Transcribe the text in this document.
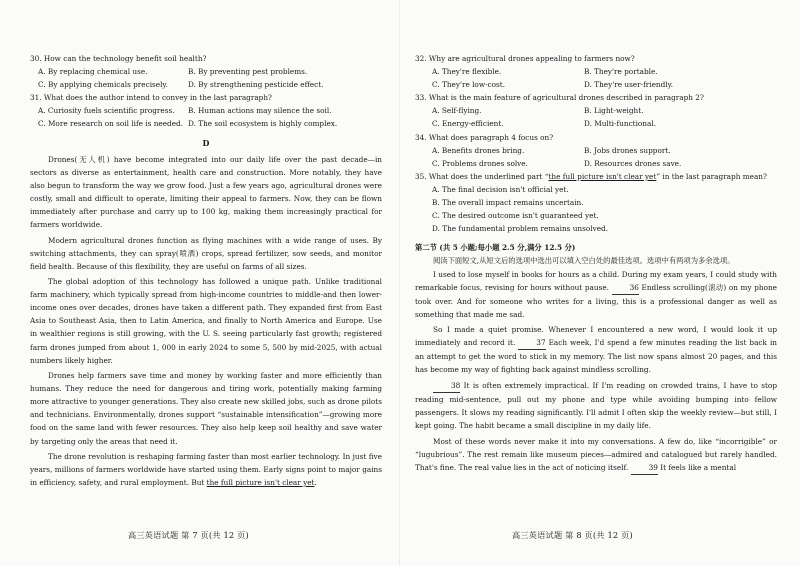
30. How can the technology benefit soil health?
A. By replacing chemical use.	B. By preventing pest problems.
C. By applying chemicals precisely.	D. By strengthening pesticide effect.
31. What does the author intend to convey in the last paragraph?
A. Curiosity fuels scientific progress.	B. Human actions may silence the soil.
C. More research on soil life is needed. D. The soil ecosystem is highly complex.
D

Drones(无人机) have become integrated into our daily life over the past decade—in sectors as diverse as entertainment, health care and construction. More notably, they have also begun to transform the way we grow food. Just a few years ago, agricultural drones were costly, small and difficult to operate, limiting their appeal to farmers. Now, they can be flown immediately after purchase and carry up to 100 kg, making them increasingly practical for farmers worldwide.

Modern agricultural drones function as flying machines with a wide range of uses. By switching attachments, they can spray(喷洒) crops, spread fertilizer, sow seeds, and monitor field health. Because of this flexibility, they are useful on farms of all sizes.

The global adoption of this technology has followed a unique path. Unlike traditional farm machinery, which typically spread from high-income countries to middle-and then lower-income ones over decades, drones have taken a different path. They expanded first from East Asia to Southeast Asia, then to Latin America, and finally to North America and Europe. Use in wealthier regions is still growing, with the U. S. seeing particularly fast growth; registered farm drones jumped from about 1, 000 in early 2024 to some 5, 500 by mid-2025, with actual numbers likely higher.

Drones help farmers save time and money by working faster and more efficiently than humans. They reduce the need for dangerous and tiring work, potentially making farming more attractive to younger generations. They also create new skilled jobs, such as drone pilots and technicians. Environmentally, drones support “sustainable intensification”—growing more food on the same land with fewer resources. They also help keep soil healthy and save water by targeting only the areas that need it.

The drone revolution is reshaping farming faster than most earlier technology. In just five years, millions of farmers worldwide have started using them. Early signs point to major gains in efficiency, safety, and rural employment. But the full picture isn't clear yet.

高三英语试题 第 7 页(共 12 页)
32. Why are agricultural drones appealing to farmers now?
A. They're flexible.	B. They're portable.
C. They're low-cost.	D. They're user-friendly.
33. What is the main feature of agricultural drones described in paragraph 2?
A. Self-flying.	B. Light-weight.
C. Energy-efficient.	D. Multi-functional.
34. What does paragraph 4 focus on?
A. Benefits drones bring.	B. Jobs drones support.
C. Problems drones solve.	D. Resources drones save.
35. What does the underlined part “the full picture isn't clear yet” in the last paragraph mean?
A. The final decision isn't official yet.
B. The overall impact remains uncertain.
C. The desired outcome isn't guaranteed yet.
D. The fundamental problem remains unsolved.
第二节 (共 5 小题;每小题 2.5 分,满分 12.5 分)
阅读下面短文,从短文后的选项中选出可以填入空白处的最佳选项。选项中有两项为多余选项。

I used to lose myself in books for hours as a child. During my exam years, I could study with remarkable focus, revising for hours without pause. 36 Endless scrolling(滚动) on my phone took over. And for someone who writes for a living, this is a professional danger as well as something that made me sad.

So I made a quiet promise. Whenever I encountered a new word, I would look it up immediately and record it. 37 Each week, I'd spend a few minutes reading the list back in an attempt to get the word to stick in my memory. The list now spans almost 20 pages, and this has become my way of fighting back against mindless scrolling.

38 It is often extremely impractical. If I'm reading on crowded trains, I have to stop reading mid-sentence, pull out my phone and type while avoiding bumping into fellow passengers. It slows my reading significantly. I'll admit I often skip the weekly review—but still, I kept going. The habit became a small discipline in my daily life.

Most of these words never make it into my conversations. A few do, like “incorrigible” or “lugubrious”. The rest remain like museum pieces—admired and catalogued but rarely handled. That's fine. The real value lies in the act of noticing itself. 39 It feels like a mental

高三英语试题 第 8 页(共 12 页)
